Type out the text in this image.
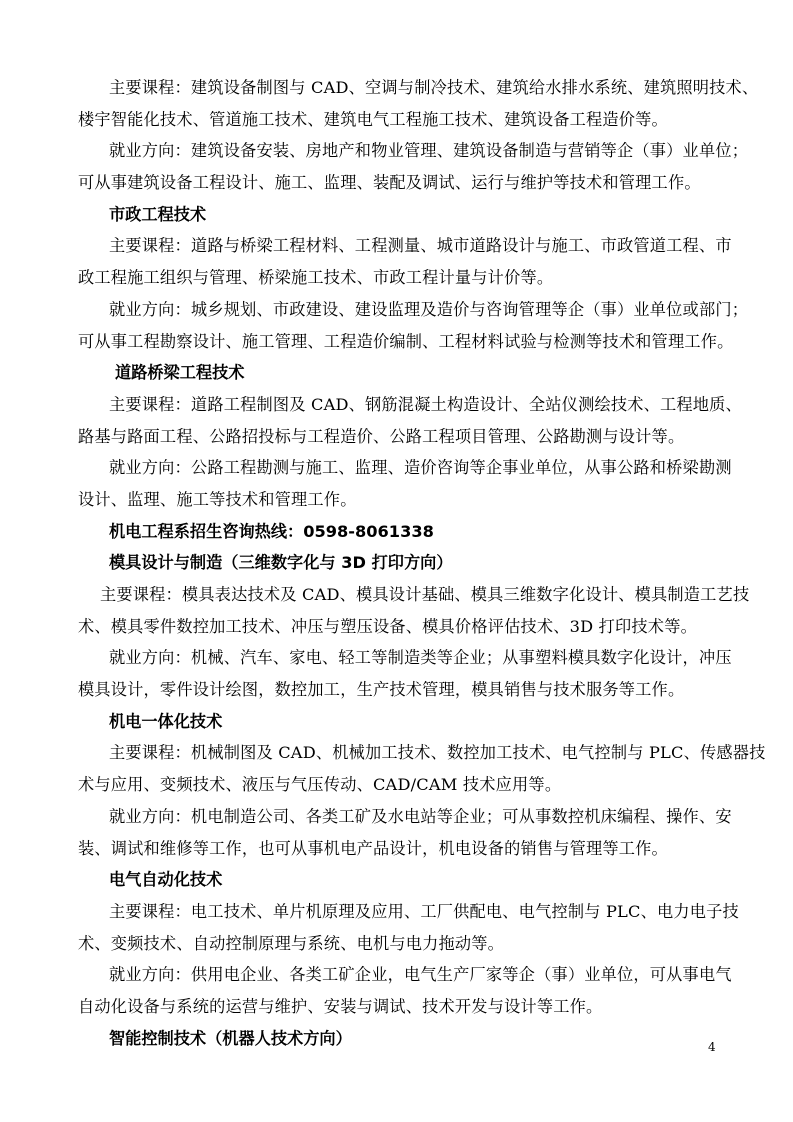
主要课程：建筑设备制图与 CAD、空调与制冷技术、建筑给水排水系统、建筑照明技术、
楼宇智能化技术、管道施工技术、建筑电气工程施工技术、建筑设备工程造价等。
就业方向：建筑设备安装、房地产和物业管理、建筑设备制造与营销等企（事）业单位；
可从事建筑设备工程设计、施工、监理、装配及调试、运行与维护等技术和管理工作。
市政工程技术
主要课程：道路与桥梁工程材料、工程测量、城市道路设计与施工、市政管道工程、市
政工程施工组织与管理、桥梁施工技术、市政工程计量与计价等。
就业方向：城乡规划、市政建设、建设监理及造价与咨询管理等企（事）业单位或部门；
可从事工程勘察设计、施工管理、工程造价编制、工程材料试验与检测等技术和管理工作。
道路桥梁工程技术
主要课程：道路工程制图及 CAD、钢筋混凝土构造设计、全站仪测绘技术、工程地质、
路基与路面工程、公路招投标与工程造价、公路工程项目管理、公路勘测与设计等。
就业方向：公路工程勘测与施工、监理、造价咨询等企事业单位，从事公路和桥梁勘测
设计、监理、施工等技术和管理工作。
机电工程系招生咨询热线：0598-8061338
模具设计与制造（三维数字化与 3D 打印方向）
主要课程：模具表达技术及 CAD、模具设计基础、模具三维数字化设计、模具制造工艺技
术、模具零件数控加工技术、冲压与塑压设备、模具价格评估技术、3D 打印技术等。
就业方向：机械、汽车、家电、轻工等制造类等企业；从事塑料模具数字化设计，冲压
模具设计，零件设计绘图，数控加工，生产技术管理，模具销售与技术服务等工作。
机电一体化技术
主要课程：机械制图及 CAD、机械加工技术、数控加工技术、电气控制与 PLC、传感器技
术与应用、变频技术、液压与气压传动、CAD/CAM 技术应用等。
就业方向：机电制造公司、各类工矿及水电站等企业；可从事数控机床编程、操作、安
装、调试和维修等工作，也可从事机电产品设计，机电设备的销售与管理等工作。
电气自动化技术
主要课程：电工技术、单片机原理及应用、工厂供配电、电气控制与 PLC、电力电子技
术、变频技术、自动控制原理与系统、电机与电力拖动等。
就业方向：供用电企业、各类工矿企业，电气生产厂家等企（事）业单位，可从事电气
自动化设备与系统的运营与维护、安装与调试、技术开发与设计等工作。
智能控制技术（机器人技术方向）	4
